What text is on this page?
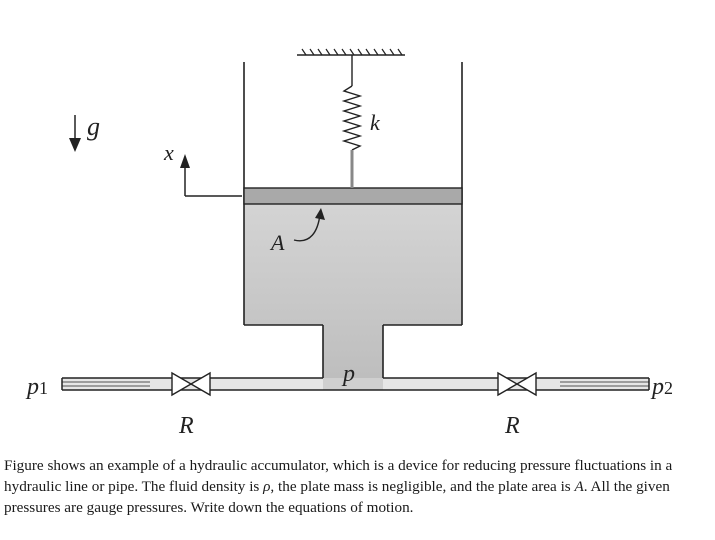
g
x
k
A
p
p1	p2
R	R

Figure shows an example of a hydraulic accumulator, which is a device for reducing pressure fluctuations in a hydraulic line or pipe. The fluid density is ρ, the plate mass is negligible, and the plate area is A. All the given pressures are gauge pressures. Write down the equations of motion.
